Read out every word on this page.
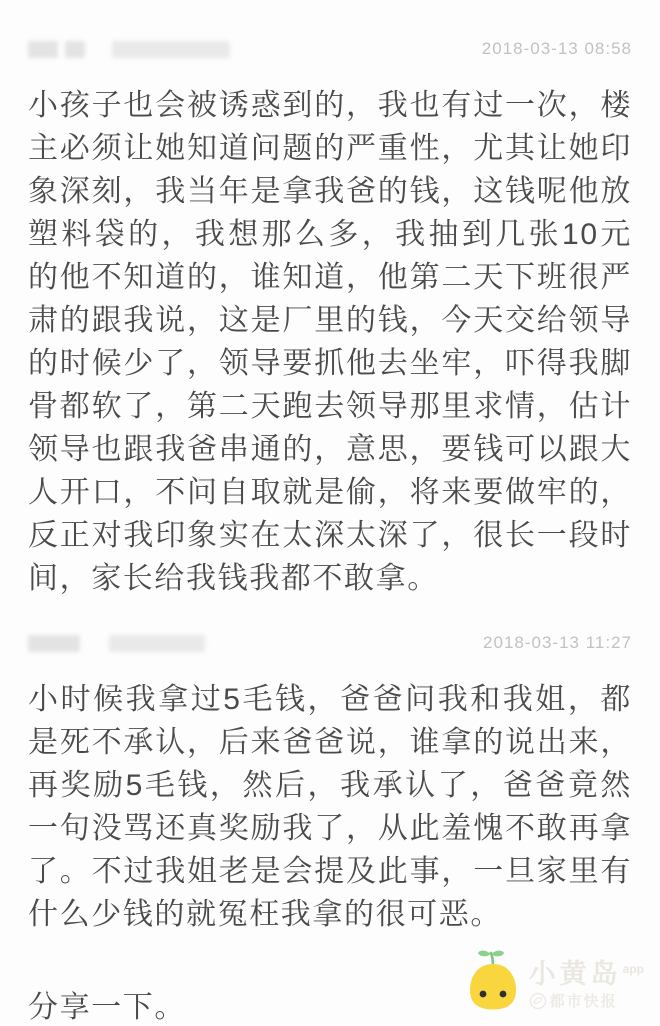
2018-03-13 08:58

小孩子也会被诱惑到的，我也有过一次，楼主必须让她知道问题的严重性，尤其让她印象深刻，我当年是拿我爸的钱，这钱呢他放塑料袋的，我想那么多，我抽到几张10元的他不知道的，谁知道，他第二天下班很严肃的跟我说，这是厂里的钱，今天交给领导的时候少了，领导要抓他去坐牢，吓得我脚骨都软了，第二天跑去领导那里求情，估计领导也跟我爸串通的，意思，要钱可以跟大人开口，不问自取就是偷，将来要做牢的，反正对我印象实在太深太深了，很长一段时间，家长给我钱我都不敢拿。

2018-03-13 11:27

小时候我拿过5毛钱，爸爸问我和我姐，都是死不承认，后来爸爸说，谁拿的说出来，再奖励5毛钱，然后，我承认了，爸爸竟然一句没骂还真奖励我了，从此羞愧不敢再拿了。不过我姐老是会提及此事，一旦家里有什么少钱的就冤枉我拿的很可恶。

分享一下。

小黄岛$^{app}$
都市快报
